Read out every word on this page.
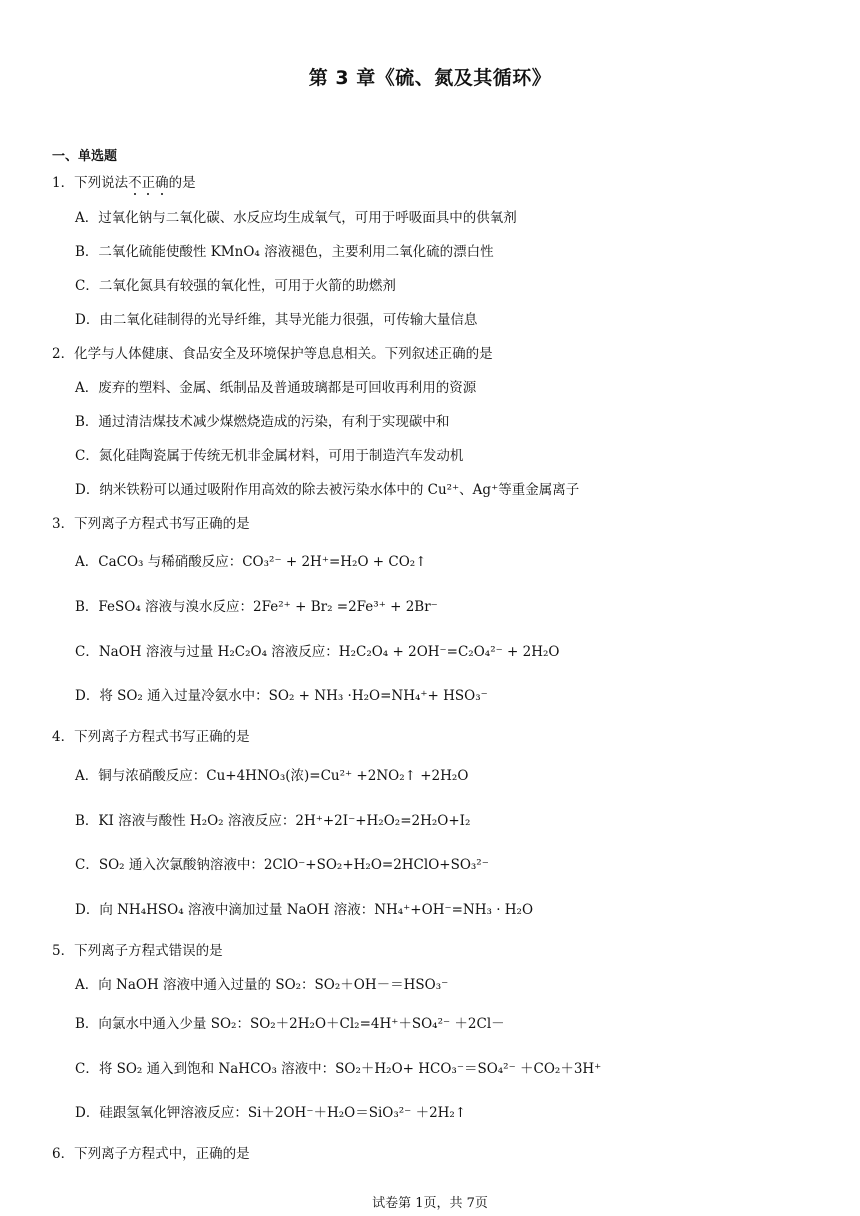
第 3 章《硫、氮及其循环》
一、单选题
1．下列说法不正确的是
A．过氧化钠与二氧化碳、水反应均生成氧气，可用于呼吸面具中的供氧剂
B．二氧化硫能使酸性 KMnO₄ 溶液褪色，主要利用二氧化硫的漂白性
C．二氧化氮具有较强的氧化性，可用于火箭的助燃剂
D．由二氧化硅制得的光导纤维，其导光能力很强，可传输大量信息
2．化学与人体健康、食品安全及环境保护等息息相关。下列叙述正确的是
A．废弃的塑料、金属、纸制品及普通玻璃都是可回收再利用的资源
B．通过清洁煤技术减少煤燃烧造成的污染，有利于实现碳中和
C．氮化硅陶瓷属于传统无机非金属材料，可用于制造汽车发动机
D．纳米铁粉可以通过吸附作用高效的除去被污染水体中的 Cu²⁺、Ag⁺等重金属离子
3．下列离子方程式书写正确的是
A．CaCO₃ 与稀硝酸反应：CO₃²⁻ + 2H⁺=H₂O + CO₂↑
B．FeSO₄ 溶液与溴水反应：2Fe²⁺ + Br₂ =2Fe³⁺ + 2Br⁻
C．NaOH 溶液与过量 H₂C₂O₄ 溶液反应：H₂C₂O₄ + 2OH⁻=C₂O₄²⁻ + 2H₂O
D．将 SO₂ 通入过量冷氨水中：SO₂ + NH₃ ·H₂O=NH₄⁺+ HSO₃⁻
4．下列离子方程式书写正确的是
A．铜与浓硝酸反应：Cu+4HNO₃(浓)=Cu²⁺ +2NO₂↑ +2H₂O
B．KI 溶液与酸性 H₂O₂ 溶液反应：2H⁺+2I⁻+H₂O₂=2H₂O+I₂
C．SO₂ 通入次氯酸钠溶液中：2ClO⁻+SO₂+H₂O=2HClO+SO₃²⁻
D．向 NH₄HSO₄ 溶液中滴加过量 NaOH 溶液：NH₄⁺+OH⁻=NH₃ · H₂O
5．下列离子方程式错误的是
A．向 NaOH 溶液中通入过量的 SO₂：SO₂＋OH－＝HSO₃⁻
B．向氯水中通入少量 SO₂：SO₂＋2H₂O＋Cl₂=4H⁺＋SO₄²⁻ ＋2Cl－
C．将 SO₂ 通入到饱和 NaHCO₃ 溶液中：SO₂＋H₂O+ HCO₃⁻＝SO₄²⁻ ＋CO₂＋3H⁺
D．硅跟氢氧化钾溶液反应：Si＋2OH⁻＋H₂O＝SiO₃²⁻ ＋2H₂↑
6．下列离子方程式中，正确的是
试卷第 1页，共 7页
